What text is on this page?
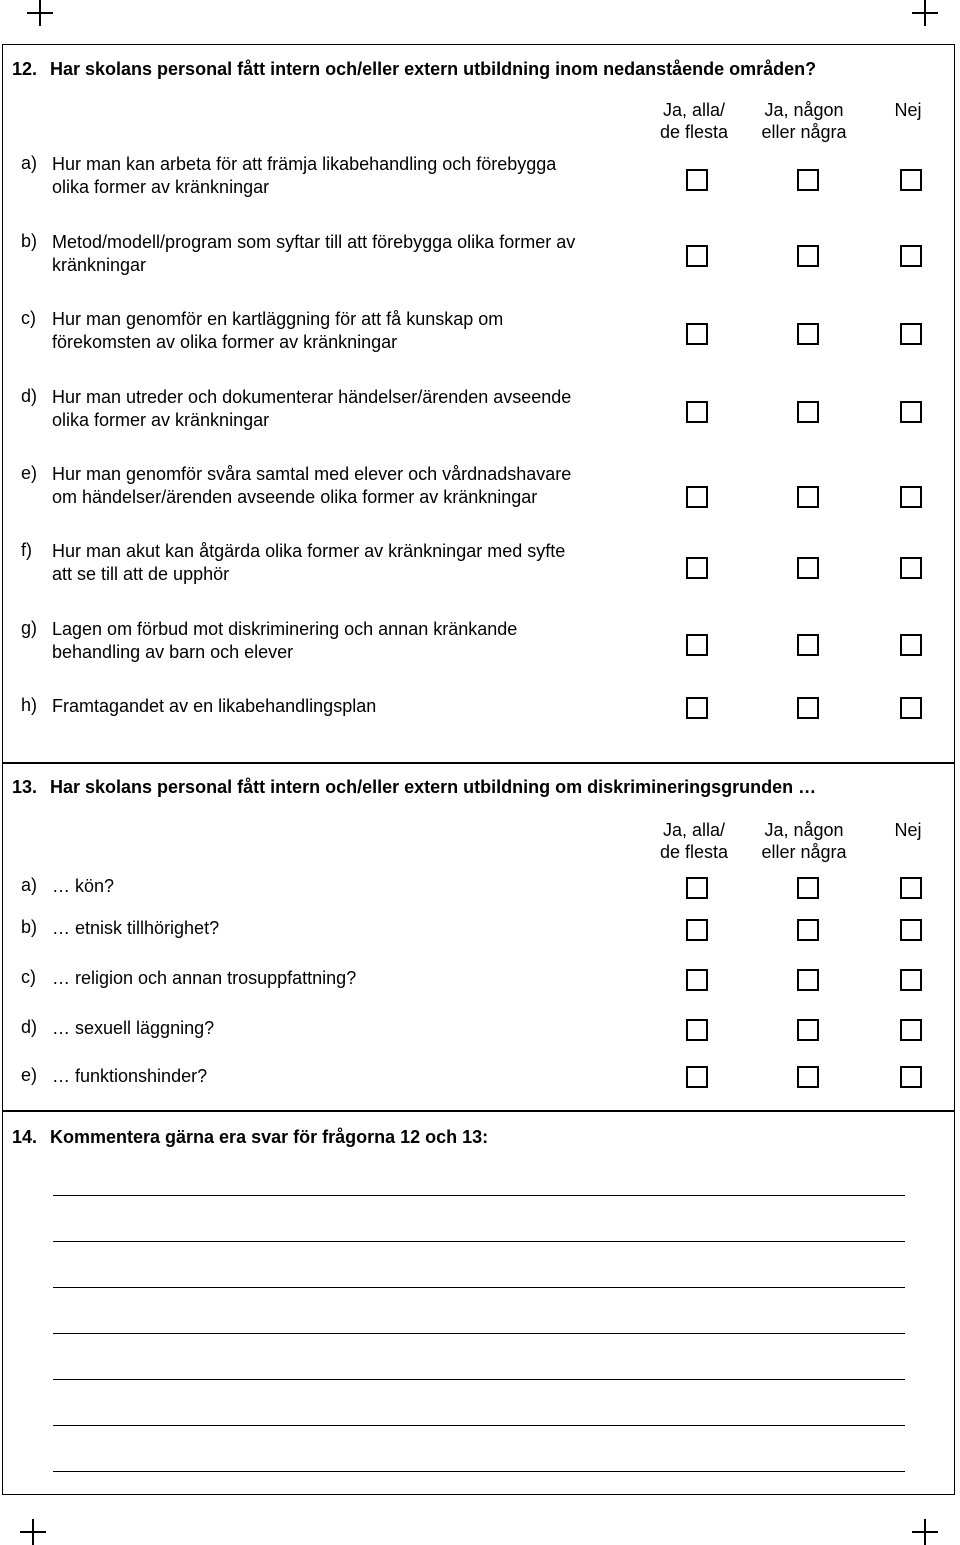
12. Har skolans personal fått intern och/eller extern utbildning inom nedanstående områden?
Ja, alla/
de flesta
Ja, någon
eller några
Nej
a) Hur man kan arbeta för att främja likabehandling och förebygga
olika former av kränkningar
b) Metod/modell/program som syftar till att förebygga olika former av
kränkningar
c) Hur man genomför en kartläggning för att få kunskap om
förekomsten av olika former av kränkningar
d) Hur man utreder och dokumenterar händelser/ärenden avseende
olika former av kränkningar
e) Hur man genomför svåra samtal med elever och vårdnadshavare
om händelser/ärenden avseende olika former av kränkningar
f) Hur man akut kan åtgärda olika former av kränkningar med syfte
att se till att de upphör
g) Lagen om förbud mot diskriminering och annan kränkande
behandling av barn och elever
h) Framtagandet av en likabehandlingsplan
13. Har skolans personal fått intern och/eller extern utbildning om diskrimineringsgrunden …
Ja, alla/
de flesta
Ja, någon
eller några
Nej
a) … kön?
b) … etnisk tillhörighet?
c) … religion och annan trosuppfattning?
d) … sexuell läggning?
e) … funktionshinder?
14. Kommentera gärna era svar för frågorna 12 och 13:
